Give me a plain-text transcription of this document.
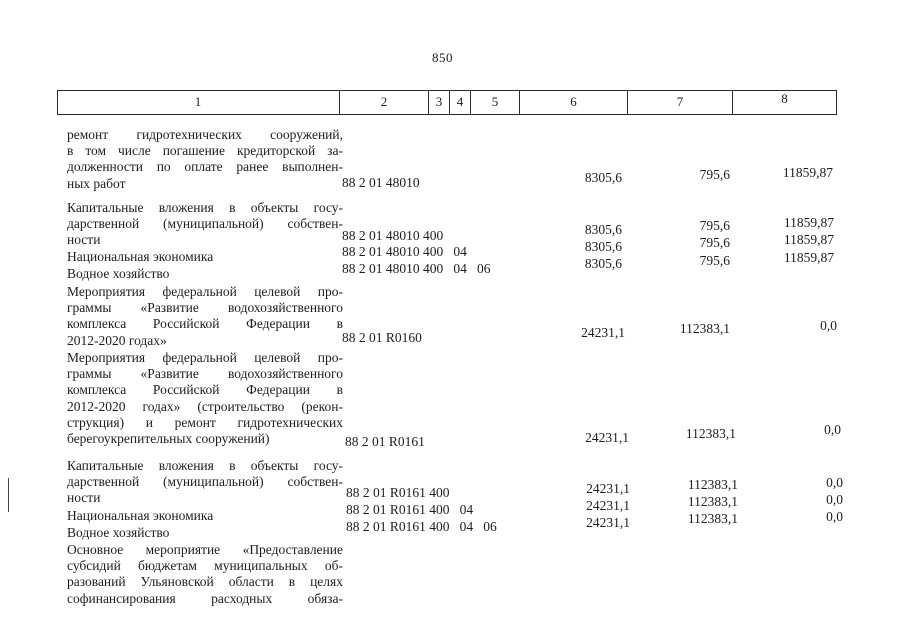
850
1	2	3	4	5	6	7	8
ремонт гидротехнических сооружений,
в том числе погашение кредиторской за-
долженности по оплате ранее выполнен-
ных работ	88 2 01 48010	8305,6	795,6	11859,87
Капитальные вложения в объекты госу-
дарственной (муниципальной) собствен-
ности	88 2 01 48010 400	8305,6	795,6	11859,87
Национальная экономика	88 2 01 48010 400   04	8305,6	795,6	11859,87
Водное хозяйство	88 2 01 48010 400   04   06	8305,6	795,6	11859,87
Мероприятия федеральной целевой про-
граммы «Развитие водохозяйственного
комплекса Российской Федерации в
2012-2020 годах»	88 2 01 R0160	24231,1	112383,1	0,0
Мероприятия федеральной целевой про-
граммы «Развитие водохозяйственного
комплекса Российской Федерации в
2012-2020 годах» (строительство (рекон-
струкция) и ремонт гидротехнических
берегоукрепительных сооружений)	88 2 01 R0161	24231,1	112383,1	0,0
Капитальные вложения в объекты госу-
дарственной (муниципальной) собствен-
ности	88 2 01 R0161 400	24231,1	112383,1	0,0
Национальная экономика	88 2 01 R0161 400   04	24231,1	112383,1	0,0
Водное хозяйство	88 2 01 R0161 400   04   06	24231,1	112383,1	0,0
Основное мероприятие «Предоставление
субсидий бюджетам муниципальных об-
разований Ульяновской области в целях
софинансирования расходных обяза-
